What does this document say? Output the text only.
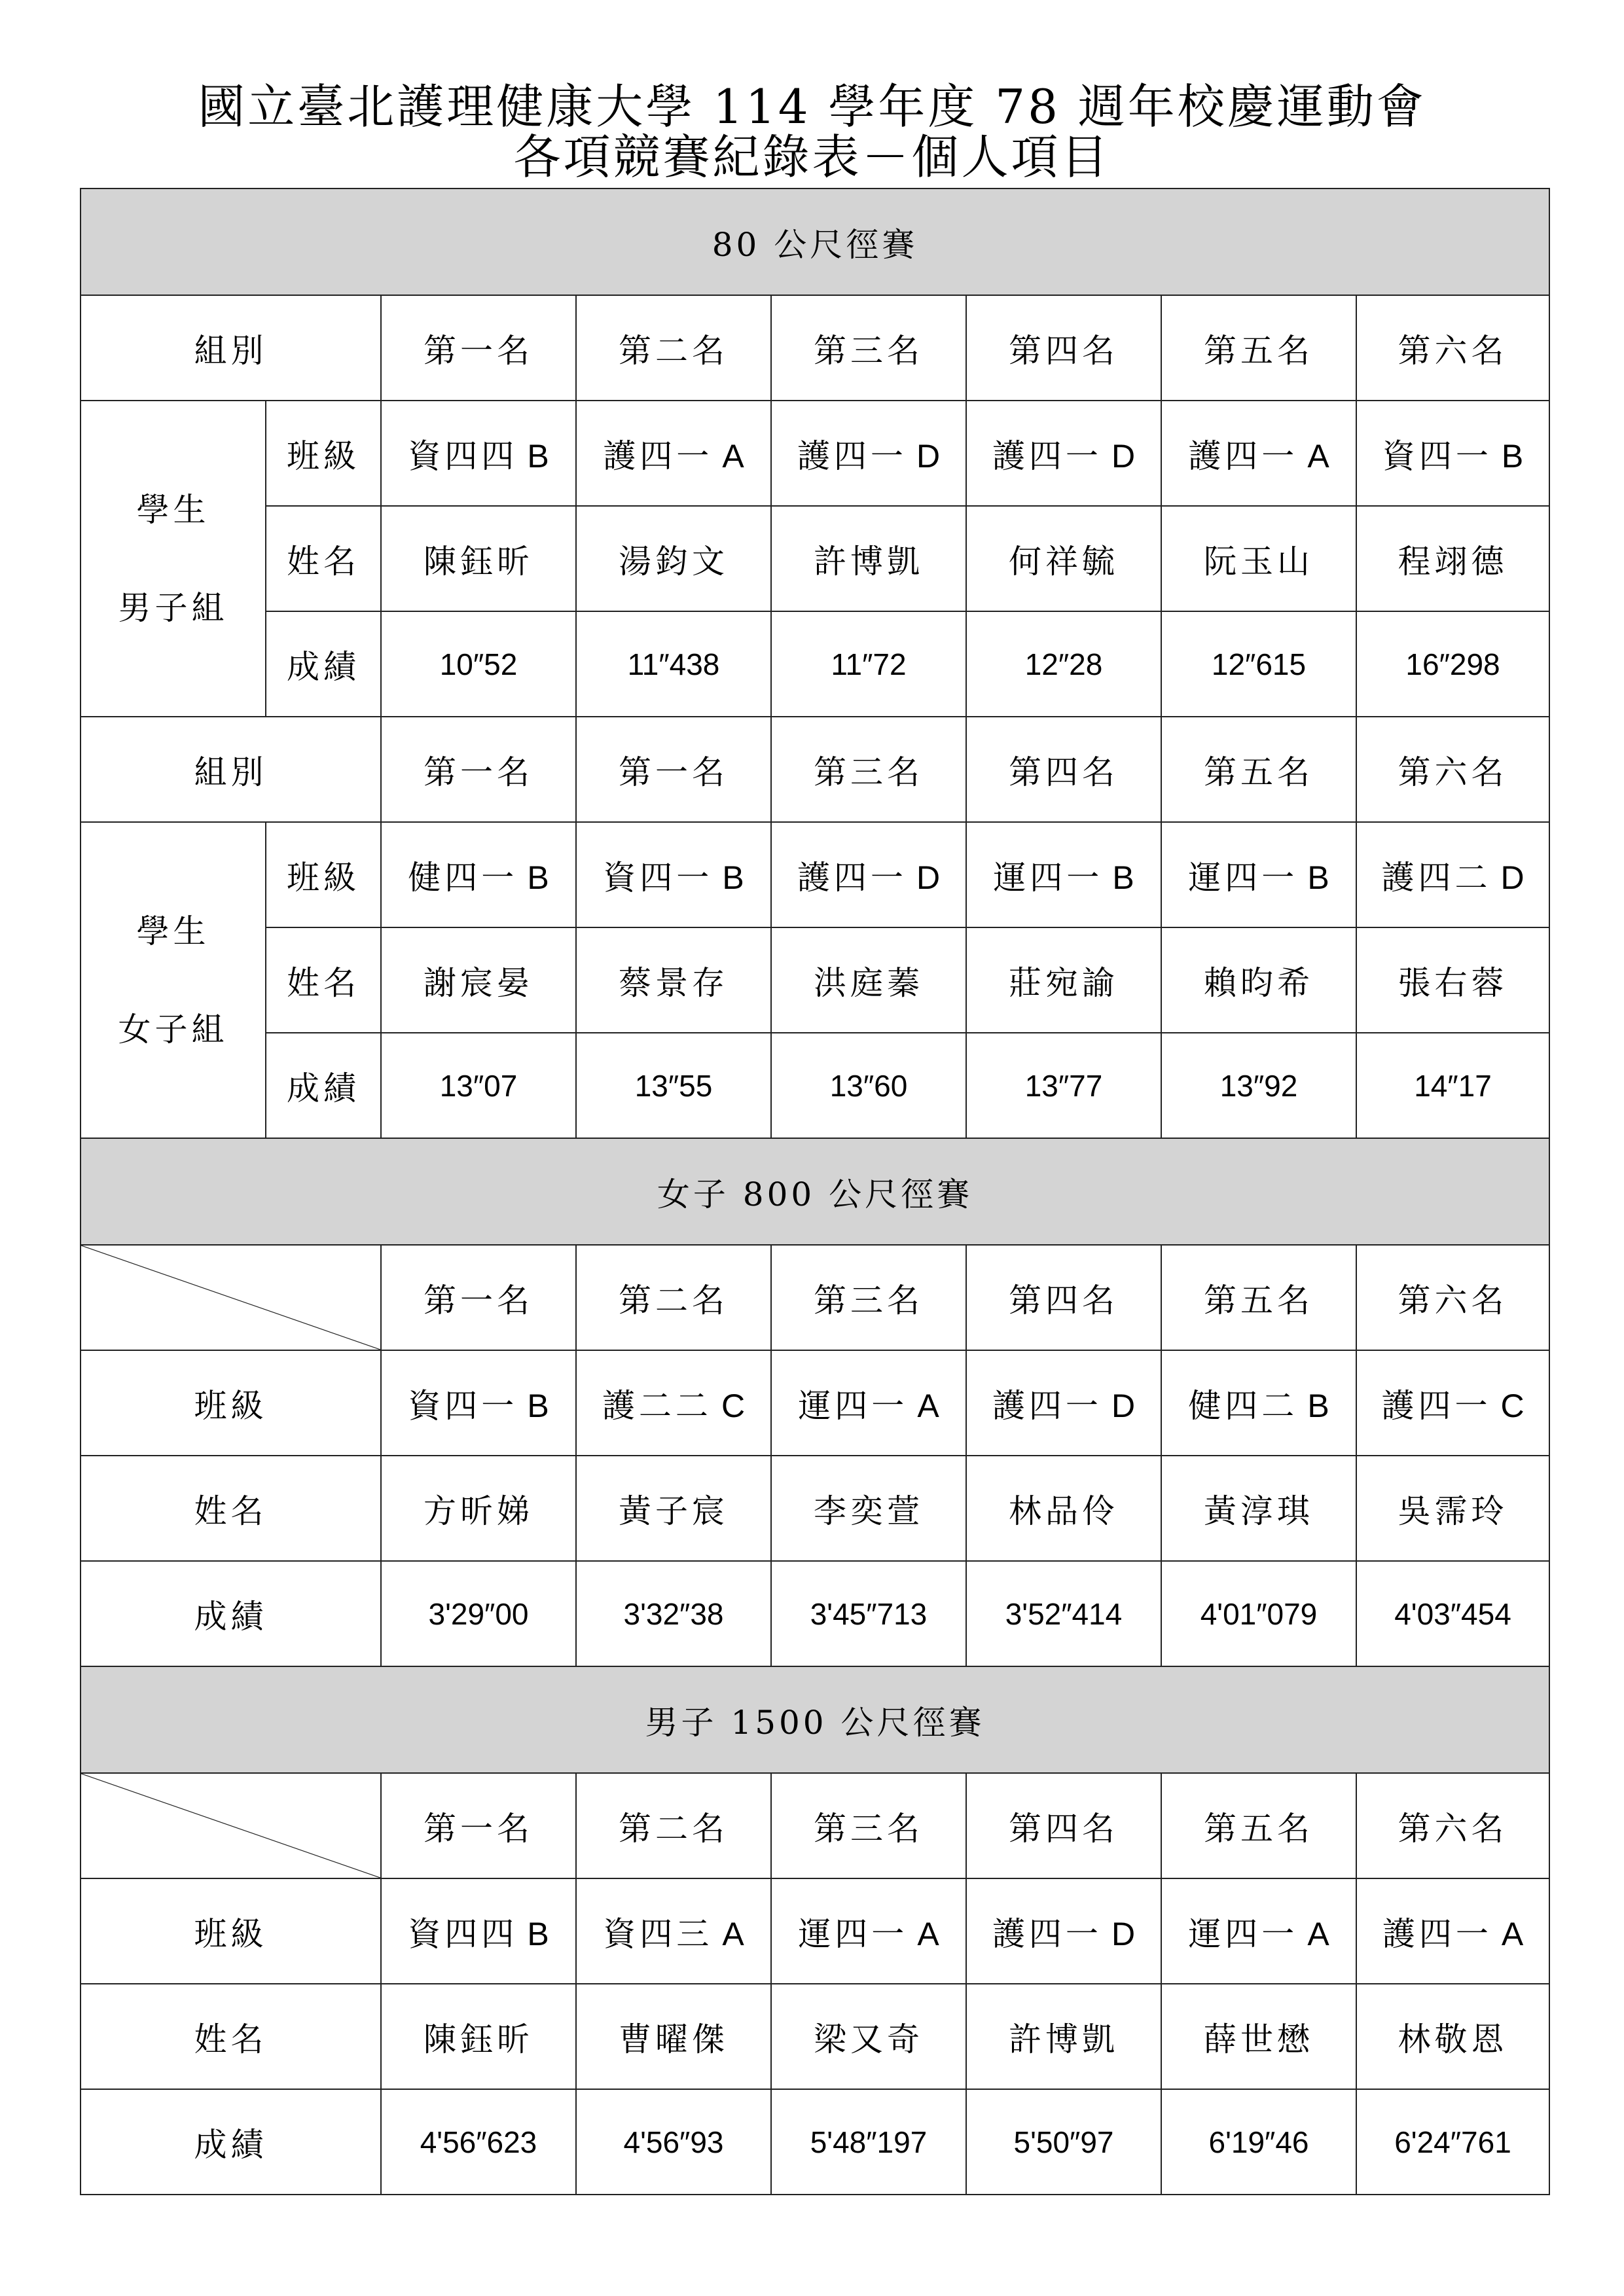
國立臺北護理健康大學 114 學年度 78 週年校慶運動會
各項競賽紀錄表－個人項目
80 公尺徑賽							
組別		第一名	第二名	第三名	第四名	第五名	第六名

學生
男子組	班級	資四四 B	護四一 A	護四一 D	護四一 D	護四一 A	資四一 B
	姓名	陳鈺昕	湯鈞文	許博凱	何祥毓	阮玉山	程翊德
	成績	10″52	11″438	11″72	12″28	12″615	16″298
組別		第一名	第一名	第三名	第四名	第五名	第六名

學生
女子組	班級	健四一 B	資四一 B	護四一 D	運四一 B	運四一 B	護四二 D
	姓名	謝宸晏	蔡景存	洪庭蓁	莊宛諭	賴昀希	張右蓉
	成績	13″07	13″55	13″60	13″77	13″92	14″17
女子 800 公尺徑賽							

	第一名	第二名	第三名	第四名	第五名	第六名
班級		資四一 B	護二二 C	運四一 A	護四一 D	健四二 B	護四一 C
姓名		方昕娣	黃子宸	李奕萱	林品伶	黃淳琪	吳霈玲
成績		3'29″00	3'32″38	3'45″713	3'52″414	4'01″079	4'03″454
男子 1500 公尺徑賽							

	第一名	第二名	第三名	第四名	第五名	第六名
班級		資四四 B	資四三 A	運四一 A	護四一 D	運四一 A	護四一 A
姓名		陳鈺昕	曹曜傑	梁又奇	許博凱	薛世懋	林敬恩
成績		4'56″623	4'56″93	5'48″197	5'50″97	6'19″46	6'24″761
